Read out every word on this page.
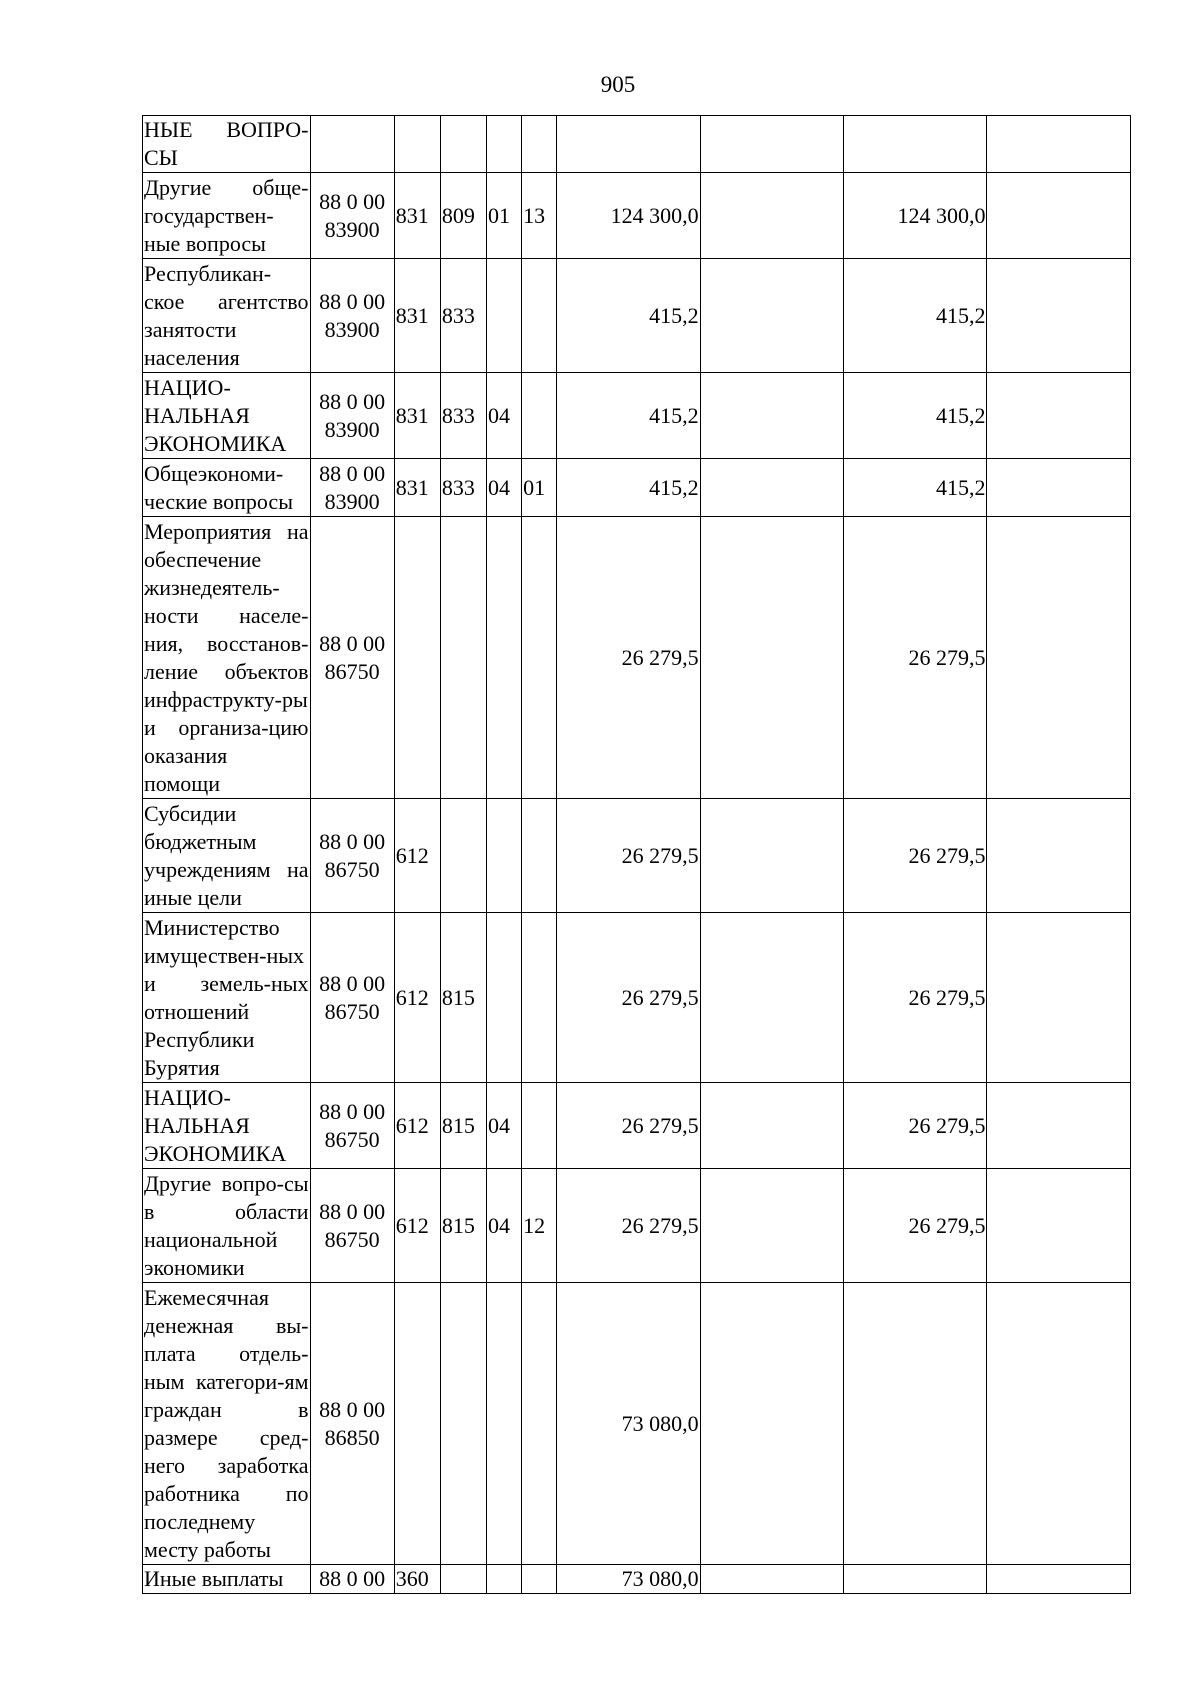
905
НЫЕ ВОПРО-СЫ									
Другие обще-государствен-ные вопросы	88 0 00 83900	831	809	01	13	124 300,0		124 300,0	
Республикан-ское агентство занятости населения	88 0 00 83900	831	833			415,2		415,2	
НАЦИО-НАЛЬНАЯ ЭКОНОМИКА	88 0 00 83900	831	833	04		415,2		415,2	
Общеэкономи-ческие вопросы	88 0 00 83900	831	833	04	01	415,2		415,2	
Мероприятия на обеспечение жизнедеятель-ности населе-ния, восстанов-ление объектов инфраструкту-ры и организа-цию оказания помощи	88 0 00 86750					26 279,5		26 279,5	
Субсидии бюджетным учреждениям на иные цели	88 0 00 86750	612				26 279,5		26 279,5	
Министерство имуществен-ных и земель-ных отношений Республики Бурятия	88 0 00 86750	612	815			26 279,5		26 279,5	
НАЦИО-НАЛЬНАЯ ЭКОНОМИКА	88 0 00 86750	612	815	04		26 279,5		26 279,5	
Другие вопро-сы в области национальной экономики	88 0 00 86750	612	815	04	12	26 279,5		26 279,5	
Ежемесячная денежная вы-плата отдель-ным категори-ям граждан в размере сред-него заработка работника по последнему месту работы	88 0 00 86850					73 080,0			
Иные выплаты	88 0 00	360				73 080,0			
